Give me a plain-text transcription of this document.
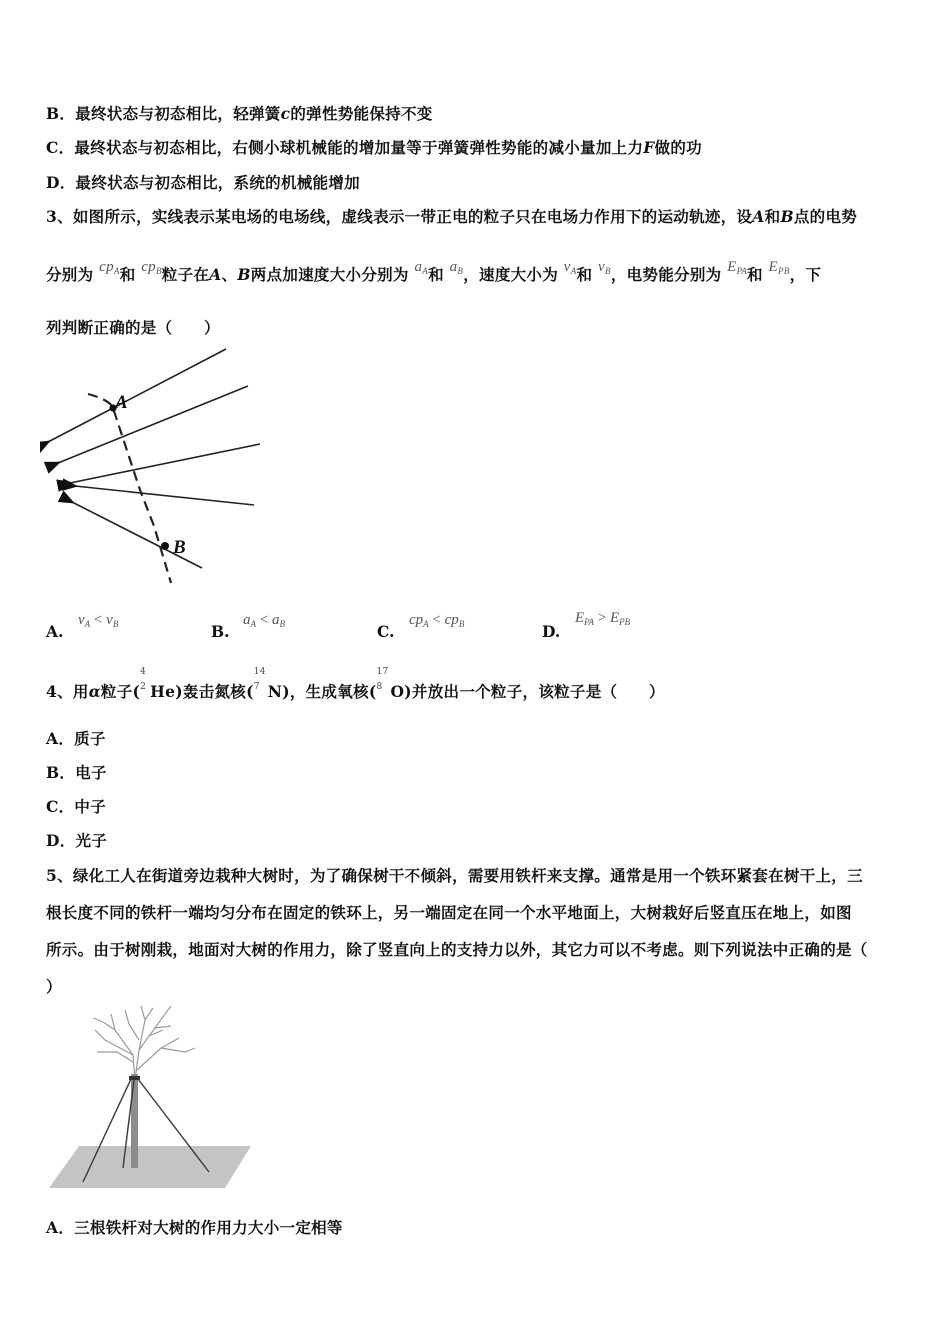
B．最终状态与初态相比，轻弹簧c的弹性势能保持不变
C．最终状态与初态相比，右侧小球机械能的增加量等于弹簧弹性势能的减小量加上力F做的功
D．最终状态与初态相比，系统的机械能增加
3、如图所示，实线表示某电场的电场线，虚线表示一带正电的粒子只在电场力作用下的运动轨迹，设A和B点的电势
分别为 $cp_A$和 $cp_B$粒子在A、B两点加速度大小分别为 $a_A$和 $a_B$，速度大小为 $v_A$和 $v_B$，电势能分别为 $E_{PA}$和 $E_{PB}$，下
列判断正确的是（　　）
A
B
A.
$v_A < v_B$	B.
$a_A < a_B$	C.
$cp_A < cp_B$	D.
$E_{PA} > E_{PB}$
4、用α粒子(
4
2 He)轰击氮核(
14
7 N)，生成氧核(
17
8 O)并放出一个粒子，该粒子是（　　）
A．质子
B．电子
C．中子
D．光子
5、绿化工人在街道旁边栽种大树时，为了确保树干不倾斜，需要用铁杆来支撑。通常是用一个铁环紧套在树干上，三
根长度不同的铁杆一端均匀分布在固定的铁环上，另一端固定在同一个水平地面上，大树栽好后竖直压在地上，如图
所示。由于树刚栽，地面对大树的作用力，除了竖直向上的支持力以外，其它力可以不考虑。则下列说法中正确的是（
）
A．三根铁杆对大树的作用力大小一定相等
